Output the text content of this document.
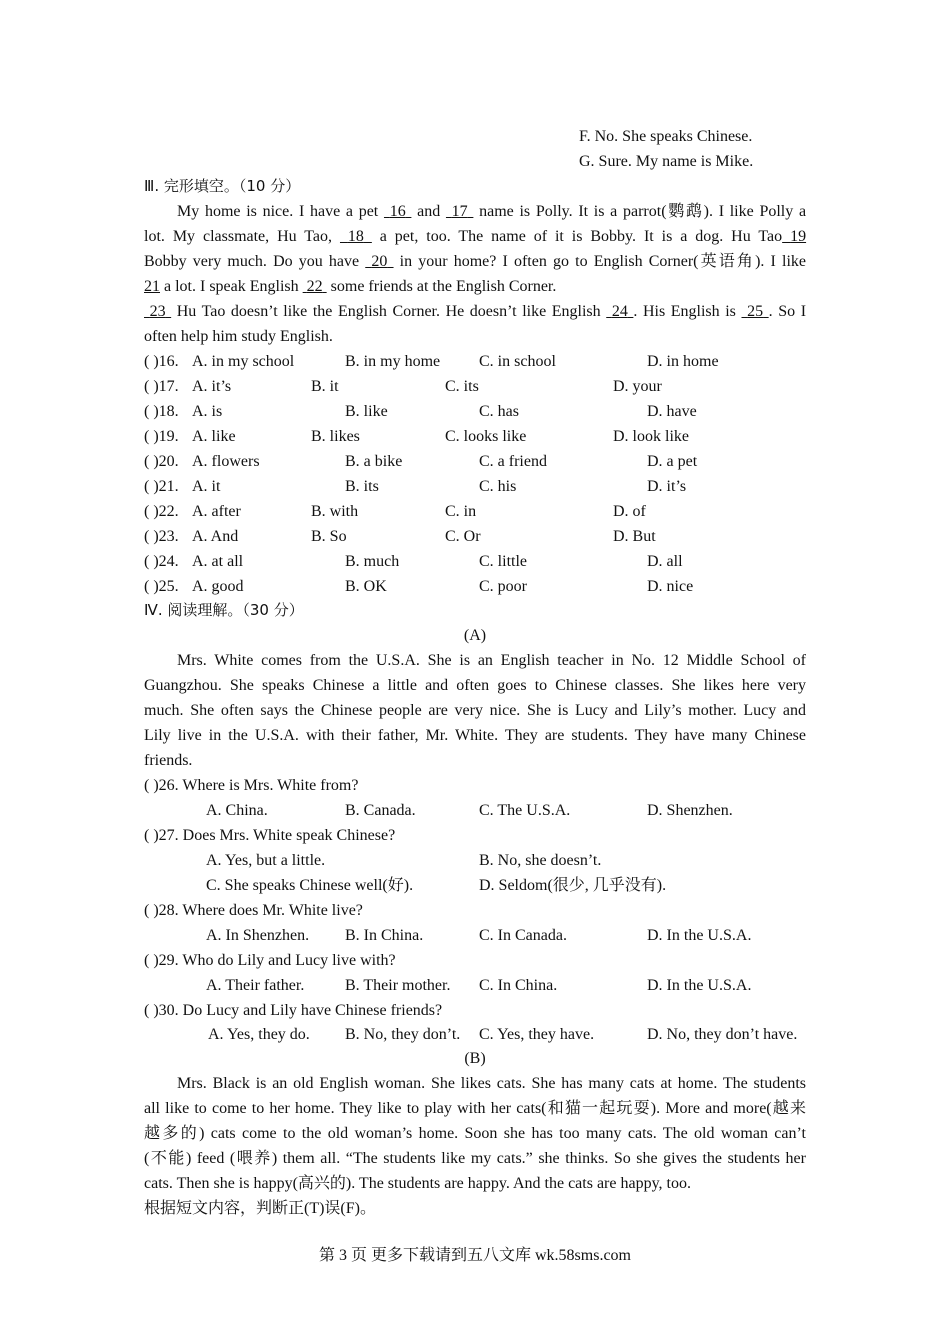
F. No. She speaks Chinese.
G. Sure. My name is Mike.
Ⅲ. 完形填空。（10 分）
My home is nice. I have a pet 16 and 17 name is Polly. It is a parrot(鹦鹉). I like Polly a
lot. My classmate, Hu Tao, 18 a pet, too. The name of it is Bobby. It is a dog. Hu Tao 19
Bobby very much. Do you have 20 in your home? I often go to English Corner(英语角). I like
21 a lot. I speak English 22 some friends at the English Corner.
23 Hu Tao doesn’t like the English Corner. He doesn’t like English 24 . His English is 25 . So I
often help him study English.
( )16. A. in my school	B. in my home C. in school	D. in home
( )17. A. it’s	B. it	C. its	D. your
( )18. A. is	B. like	C. has	D. have
( )19. A. like	B. likes	C. looks like	D. look like
( )20. A. flowers	B. a bike	C. a friend	D. a pet
( )21. A. it	B. its	C. his	D. it’s
( )22. A. after	B. with	C. in	D. of
( )23. A. And	B. So	C. Or	D. But
( )24. A. at all	B. much	C. little	D. all
( )25. A. good	B. OK	C. poor	D. nice
Ⅳ. 阅读理解。（30 分）
(A)
Mrs. White comes from the U.S.A. She is an English teacher in No. 12 Middle School of
Guangzhou. She speaks Chinese a little and often goes to Chinese classes. She likes here very
much. She often says the Chinese people are very nice. She is Lucy and Lily’s mother. Lucy and
Lily live in the U.S.A. with their father, Mr. White. They are students. They have many Chinese
friends.
( )26. Where is Mrs. White from?
A. China.	B. Canada.	C. The U.S.A.	D. Shenzhen.
( )27. Does Mrs. White speak Chinese?
A. Yes, but a little.	B. No, she doesn’t.
C. She speaks Chinese well(好).	D. Seldom(很少, 几乎没有).
( )28. Where does Mr. White live?
A. In Shenzhen. B. In China.	C. In Canada.	D. In the U.S.A.
( )29. Who do Lily and Lucy live with?
A. Their father.	B. Their mother. C. In China.	D. In the U.S.A.
( )30. Do Lucy and Lily have Chinese friends?
A. Yes, they do. B. No, they don’t. C. Yes, they have.	D. No, they don’t have.
(B)
Mrs. Black is an old English woman. She likes cats. She has many cats at home. The students
all like to come to her home. They like to play with her cats(和猫一起玩耍). More and more(越来
越多的) cats come to the old woman’s home. Soon she has too many cats. The old woman can’t
(不能) feed (喂养) them all. “The students like my cats.” she thinks. So she gives the students her
cats. Then she is happy(高兴的). The students are happy. And the cats are happy, too.
根据短文内容，判断正(T)误(F)。
第 3 页 更多下载请到五八文库 wk.58sms.com
